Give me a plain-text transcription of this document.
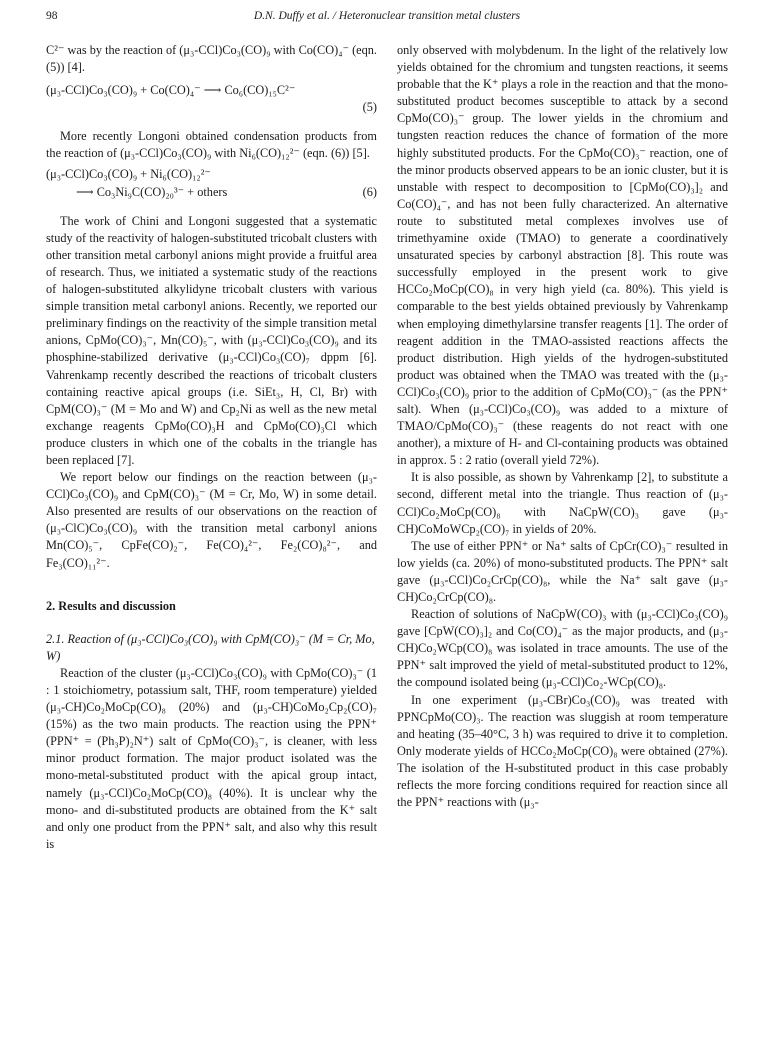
98	D.N. Duffy et al. / Heteronuclear transition metal clusters

C²⁻ was by the reaction of (μ₃-CCl)Co₃(CO)₉ with Co(CO)₄⁻ (eqn. (5)) [4].

(μ₃-CCl)Co₃(CO)₉ + Co(CO)₄⁻ ⟶ Co₆(CO)₁₅C²⁻
(5)

More recently Longoni obtained condensation products from the reaction of (μ₃-CCl)Co₃(CO)₉ with Ni₆(CO)₁₂²⁻ (eqn. (6)) [5].

(μ₃-CCl)Co₃(CO)₉ + Ni₆(CO)₁₂²⁻
⟶ Co₃Ni₉C(CO)₂₀³⁻ + others	(6)

The work of Chini and Longoni suggested that a systematic study of the reactivity of halogen-substituted tricobalt clusters with other transition metal carbonyl anions might provide a fruitful area of research. Thus, we initiated a systematic study of the reactions of halogen-substituted alkylidyne tricobalt clusters with various simple transition metal carbonyl anions. Recently, we reported our preliminary findings on the reactivity of the simple transition metal anions, CpMo(CO)₃⁻, Mn(CO)₅⁻, with (μ₃-CCl)Co₃(CO)₉ and its phosphine-stabilized derivative (μ₃-CCl)Co₃(CO)₇ dppm [6]. Vahrenkamp recently described the reactions of tricobalt clusters containing reactive apical groups (i.e. SiEt₃, H, Cl, Br) with CpM(CO)₃⁻ (M = Mo and W) and Cp₂Ni as well as the new metal exchange reagents CpMo(CO)₃H and CpMo(CO)₃Cl which produce clusters in which one of the cobalts in the triangle has been replaced [7].

We report below our findings on the reaction between (μ₃-CCl)Co₃(CO)₉ and CpM(CO)₃⁻ (M = Cr, Mo, W) in some detail. Also presented are results of our observations on the reaction of (μ₃-ClC)Co₃(CO)₉ with the transition metal carbonyl anions Mn(CO)₅⁻, CpFe(CO)₂⁻, Fe(CO)₄²⁻, Fe₂(CO)₈²⁻, and Fe₃(CO)₁₁²⁻.

2. Results and discussion
2.1. Reaction of (μ₃-CCl)Co₃(CO)₉ with CpM(CO)₃⁻ (M = Cr, Mo, W)

Reaction of the cluster (μ₃-CCl)Co₃(CO)₉ with CpMo(CO)₃⁻ (1 : 1 stoichiometry, potassium salt, THF, room temperature) yielded (μ₃-CH)Co₂MoCp(CO)₈ (20%) and (μ₃-CH)CoMo₂Cp₂(CO)₇ (15%) as the two main products. The reaction using the PPN⁺ (PPN⁺ = (Ph₃P)₂N⁺) salt of CpMo(CO)₃⁻, is cleaner, with less minor product formation. The major product isolated was the mono-metal-substituted product with the apical group intact, namely (μ₃-CCl)Co₂MoCp(CO)₈ (40%). It is unclear why the mono- and di-substituted products are obtained from the K⁺ salt and only one product from the PPN⁺ salt, and also why this result is

only observed with molybdenum. In the light of the relatively low yields obtained for the chromium and tungsten reactions, it seems probable that the K⁺ plays a role in the reaction and that the mono-substituted product becomes susceptible to attack by a second CpMo(CO)₃⁻ group. The lower yields in the chromium and tungsten reaction reduces the chance of formation of the more highly substituted products. For the CpMo(CO)₃⁻ reaction, one of the minor products observed appears to be an ionic cluster, but it is unstable with respect to decomposition to [CpMo(CO)₃]₂ and Co(CO)₄⁻, and has not been fully characterized. An alternative route to substituted metal complexes involves use of trimethyamine oxide (TMAO) to generate a coordinatively unsaturated species by carbonyl abstraction [8]. This route was successfully employed in the present work to give HCCo₂MoCp(CO)₈ in very high yield (ca. 80%). This yield is comparable to the best yields obtained previously by Vahrenkamp when employing dimethylarsine transfer reagents [1]. The order of reagent addition in the TMAO-assisted reactions affects the product distribution. High yields of the hydrogen-substituted product was obtained when the TMAO was treated with the (μ₃-CCl)Co₃(CO)₉ prior to the addition of CpMo(CO)₃⁻ (as the PPN⁺ salt). When (μ₃-CCl)Co₃(CO)₉ was added to a mixture of TMAO/CpMo(CO)₃⁻ (these reagents do not react with one another), a mixture of H- and Cl-containing products was obtained in approx. 5 : 2 ratio (overall yield 72%).

It is also possible, as shown by Vahrenkamp [2], to substitute a second, different metal into the triangle. Thus reaction of (μ₃-CCl)Co₂MoCp(CO)₈ with NaCpW(CO)₃ gave (μ₃-CH)CoMoWCp₂(CO)₇ in yields of 20%.

The use of either PPN⁺ or Na⁺ salts of CpCr(CO)₃⁻ resulted in low yields (ca. 20%) of mono-substituted products. The PPN⁺ salt gave (μ₃-CCl)Co₂CrCp(CO)₈, while the Na⁺ salt gave (μ₃-CH)Co₂CrCp(CO)₈.

Reaction of solutions of NaCpW(CO)₃ with (μ₃-CCl)Co₃(CO)₉ gave [CpW(CO)₃]₂ and Co(CO)₄⁻ as the major products, and (μ₃-CH)Co₂WCp(CO)₈ was isolated in trace amounts. The use of the PPN⁺ salt improved the yield of metal-substituted product to 12%, the compound isolated being (μ₃-CCl)Co₂-WCp(CO)₈.

In one experiment (μ₃-CBr)Co₃(CO)₉ was treated with PPNCpMo(CO)₃. The reaction was sluggish at room temperature and heating (35–40°C, 3 h) was required to drive it to completion. Only moderate yields of HCCo₂MoCp(CO)₈ were obtained (27%). The isolation of the H-substituted product in this case probably reflects the more forcing conditions required for reaction since all the PPN⁺ reactions with (μ₃-
